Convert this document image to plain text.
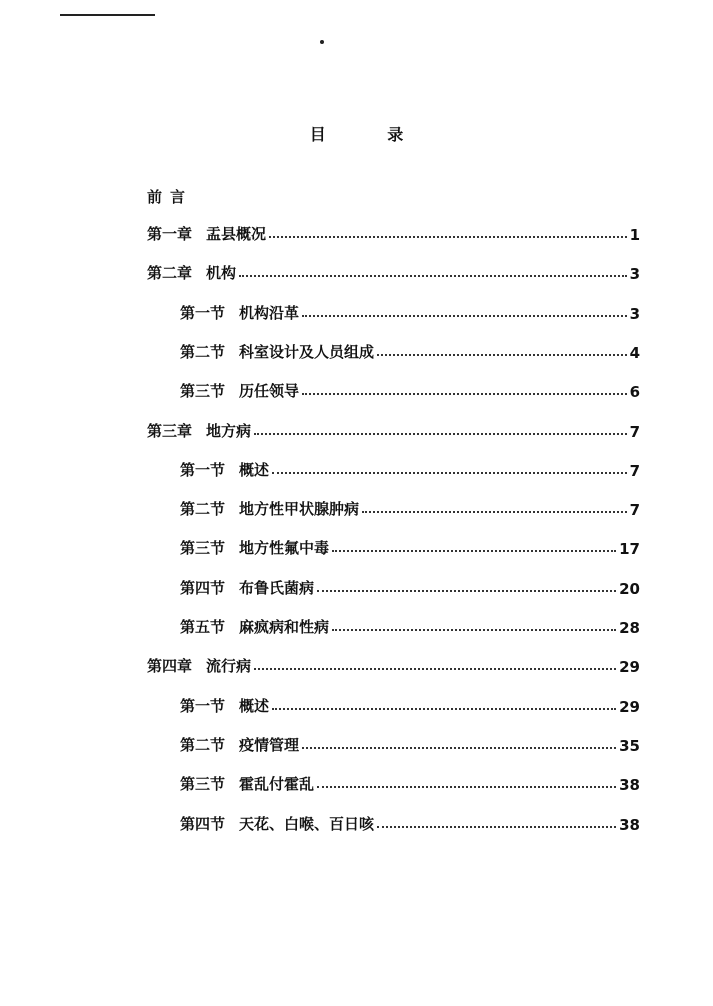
目	录
前言
第一章 盂县概况	1
第二章 机构	3
第一节 机构沿革	3
第二节 科室设计及人员组成	4
第三节 历任领导	6
第三章 地方病	7
第一节 概述	7
第二节 地方性甲状腺肿病	7
第三节 地方性氟中毒	17
第四节 布鲁氏菌病	20
第五节 麻疯病和性病	28
第四章 流行病	29
第一节 概述	29
第二节 疫情管理	35
第三节 霍乱付霍乱	38
第四节 天花、白喉、百日咳	38
